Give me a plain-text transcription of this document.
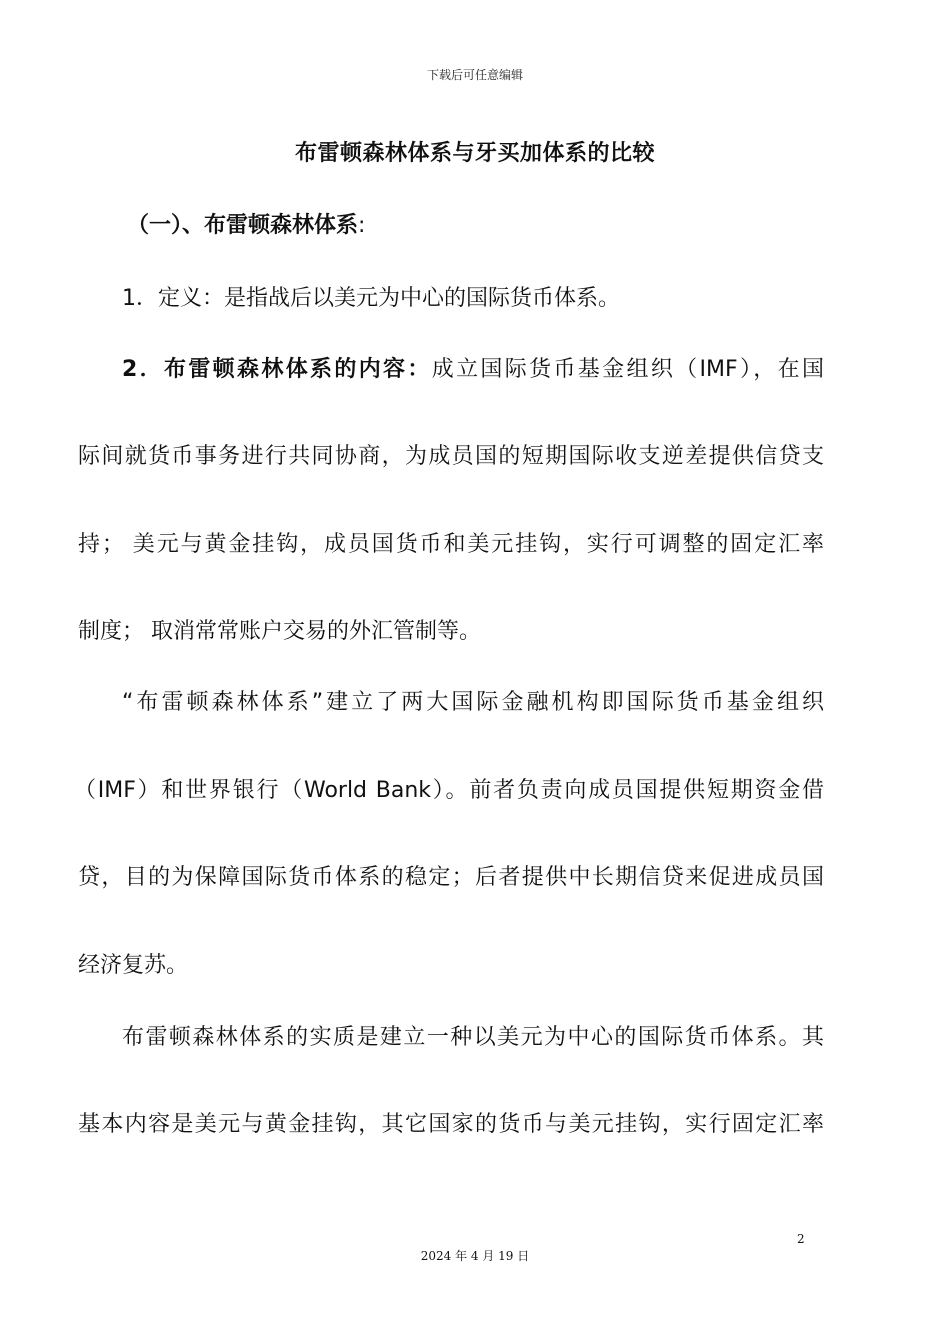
下载后可任意编辑
布雷顿森林体系与牙买加体系的比较
（一）、布雷顿森林体系:
1．定义：是指战后以美元为中心的国际货币体系。
2．布雷顿森林体系的内容：成立国际货币基金组织（IMF），在国
际间就货币事务进行共同协商，为成员国的短期国际收支逆差提供信贷支
持； 美元与黄金挂钩，成员国货币和美元挂钩，实行可调整的固定汇率
制度； 取消常常账户交易的外汇管制等。
“布雷顿森林体系”建立了两大国际金融机构即国际货币基金组织
（IMF）和世界银行（World Bank）。前者负责向成员国提供短期资金借
贷，目的为保障国际货币体系的稳定；后者提供中长期信贷来促进成员国
经济复苏。
布雷顿森林体系的实质是建立一种以美元为中心的国际货币体系。其
基本内容是美元与黄金挂钩，其它国家的货币与美元挂钩，实行固定汇率
2
2024 年 4 月 19 日
